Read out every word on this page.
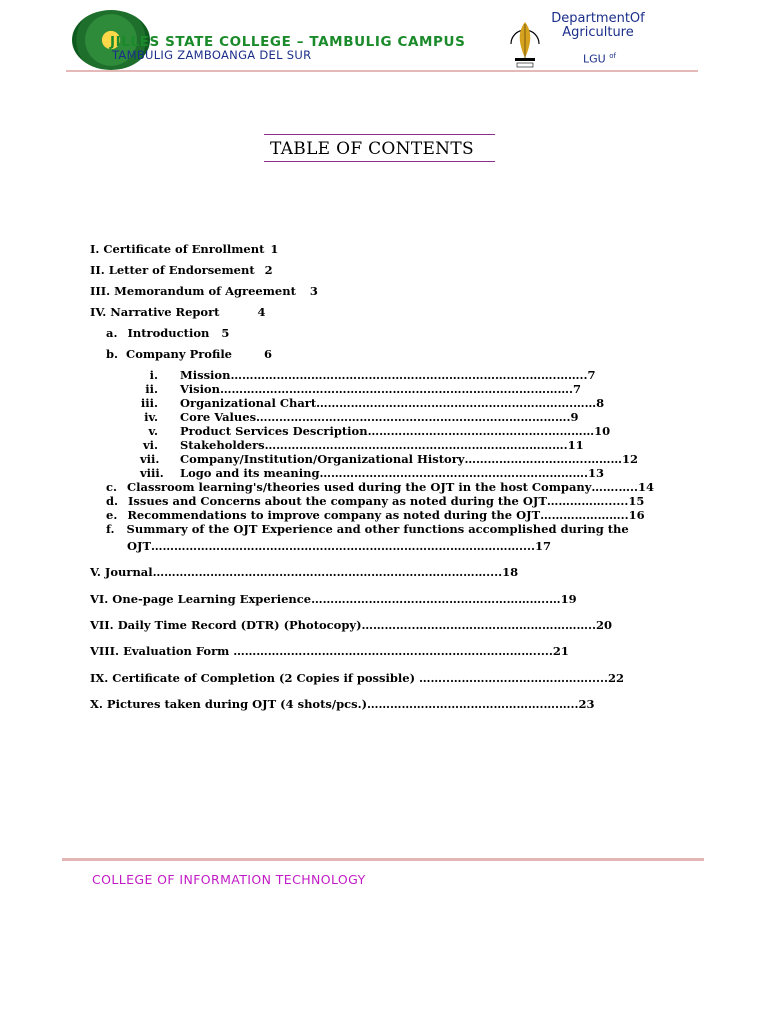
JILLES STATE COLLEGE – TAMBULIG CAMPUS
TAMBULIG ZAMBOANGA DEL SUR
DepartmentOf
Agriculture
LGU $^{of}$
TABLE OF CONTENTS
I. Certificate of Enrollment 1
II. Letter of Endorsement 2
III. Memorandum of Agreement 3
IV. Narrative Report	4
a. Introduction 5
b. Company Profile	6
i. Mission………………………………………………………………………….……..7
ii. Vision……………………………………………………………………….……….7
iii. Organizational Chart………………………………………………………….……8
iv. Core Values……………………………………………………………………….9
v. Product Services Description………………………………………..…………10
vi. Stakeholders…………………………………………………………………….11
vii. Company/Institution/Organizational History…………………………..………12
viii. Logo and its meaning…………………………………………………………….13
c. Classroom learning's/theories used during the OJT in the host Company…….…..14
d. Issues and Concerns about the company as noted during the OJT……………......15
e. Recommendations to improve company as noted during the OJT…………………..16
f. Summary of the OJT Experience and other functions accomplished during the
OJT……………………………………………………………………………………....17
V. Journal……………………………………………………………………………....18
VI. One-page Learning Experience……………………………………………………..…19
VII. Daily Time Record (DTR) (Photocopy)…………..………………………………………..20
VIII. Evaluation Form ………………..……………………….………………………….....21
IX. Certificate of Completion (2 Copies if possible) ……..……………………………….....22
X. Pictures taken during OJT (4 shots/pcs.)……………………………………….….…..23
COLLEGE OF INFORMATION TECHNOLOGY
